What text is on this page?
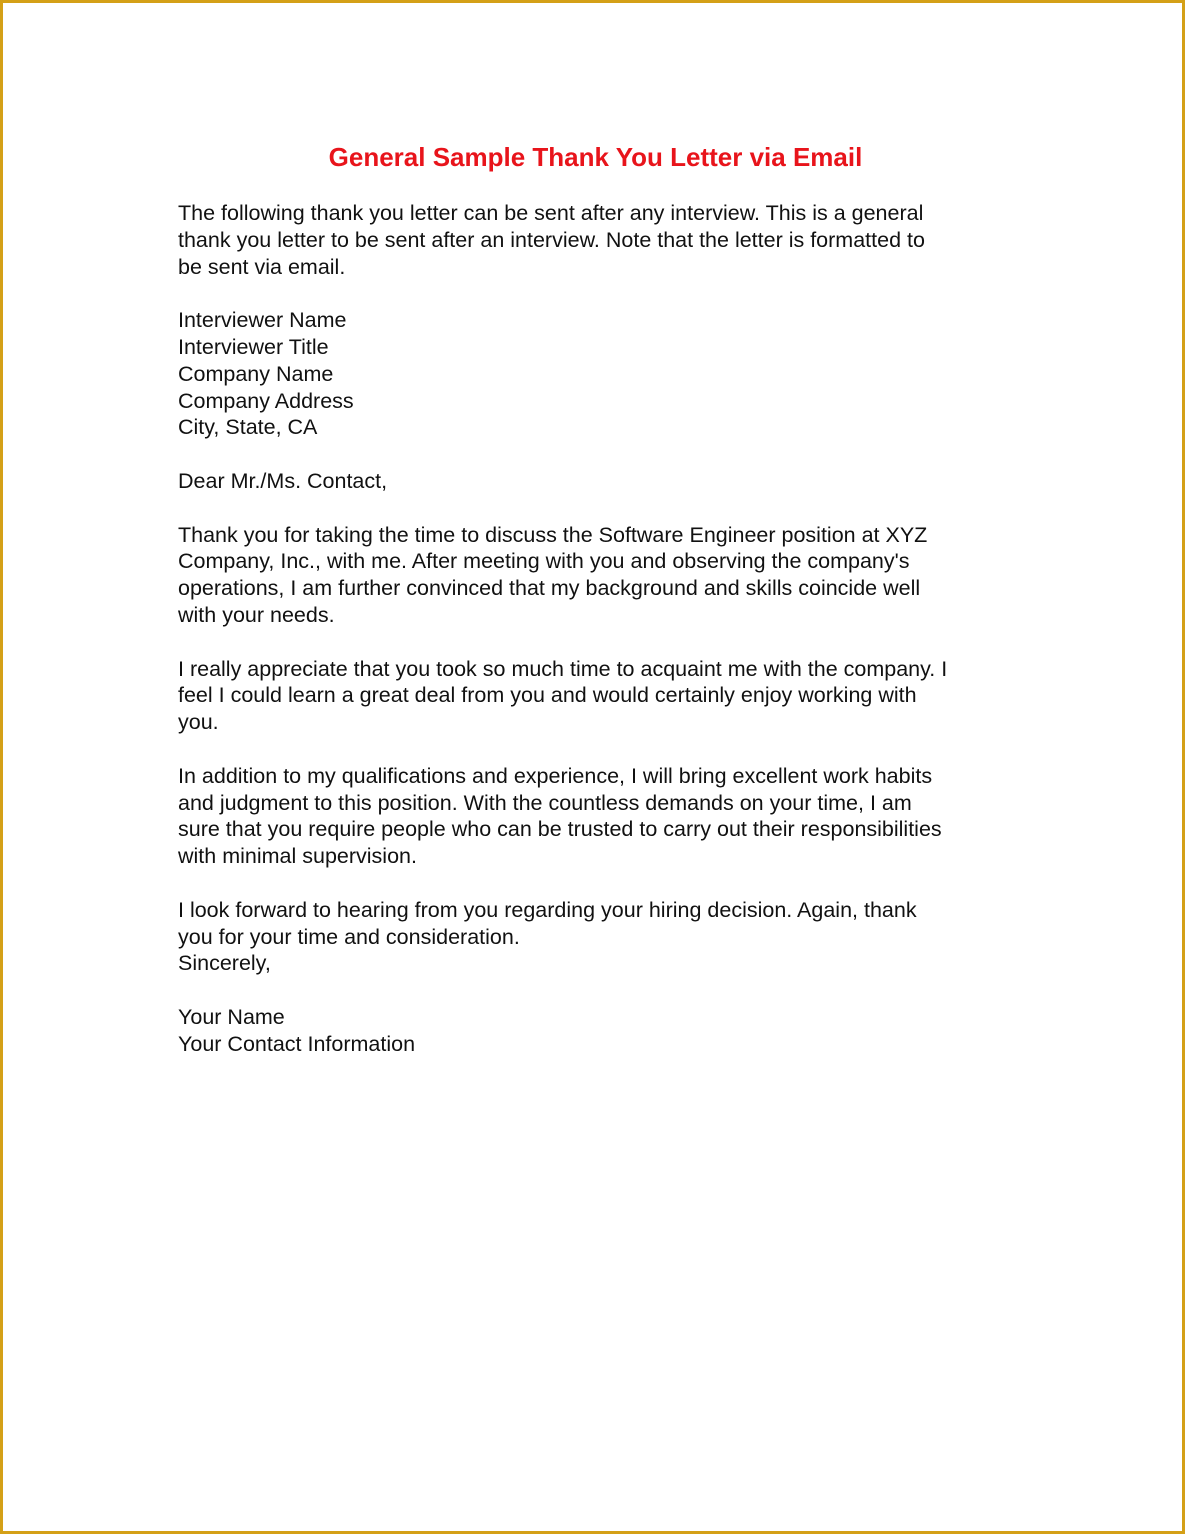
General Sample Thank You Letter via Email
The following thank you letter can be sent after any interview. This is a general
thank you letter to be sent after an interview. Note that the letter is formatted to
be sent via email.
Interviewer Name
Interviewer Title
Company Name
Company Address
City, State, CA
Dear Mr./Ms. Contact,
Thank you for taking the time to discuss the Software Engineer position at XYZ
Company, Inc., with me. After meeting with you and observing the company's
operations, I am further convinced that my background and skills coincide well
with your needs.
I really appreciate that you took so much time to acquaint me with the company. I
feel I could learn a great deal from you and would certainly enjoy working with
you.
In addition to my qualifications and experience, I will bring excellent work habits
and judgment to this position. With the countless demands on your time, I am
sure that you require people who can be trusted to carry out their responsibilities
with minimal supervision.
I look forward to hearing from you regarding your hiring decision. Again, thank
you for your time and consideration.
Sincerely,
Your Name
Your Contact Information
